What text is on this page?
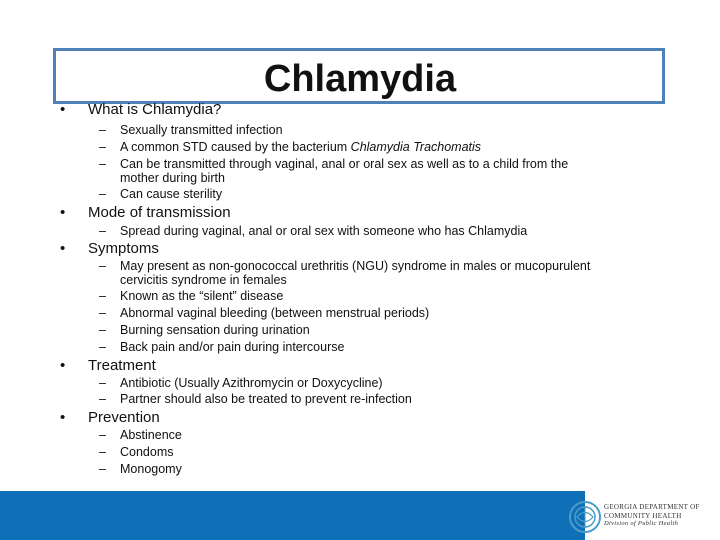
Chlamydia
• What is Chlamydia?
– Sexually transmitted infection
– A common STD caused by the bacterium Chlamydia Trachomatis
– Can be transmitted through vaginal, anal or oral sex as well as to a child from the
mother during birth
– Can cause sterility
• Mode of transmission
– Spread during vaginal, anal or oral sex with someone who has Chlamydia
• Symptoms
– May present as non-gonococcal urethritis (NGU) syndrome in males or mucopurulent
cervicitis syndrome in females
– Known as the “silent” disease
– Abnormal vaginal bleeding (between menstrual periods)
– Burning sensation during urination
– Back pain and/or pain during intercourse
• Treatment
– Antibiotic (Usually Azithromycin or Doxycycline)
– Partner should also be treated to prevent re-infection
• Prevention
– Abstinence
– Condoms
– Monogomy
GEORGIA DEPARTMENT OF
COMMUNITY HEALTH
Division of Public Health
